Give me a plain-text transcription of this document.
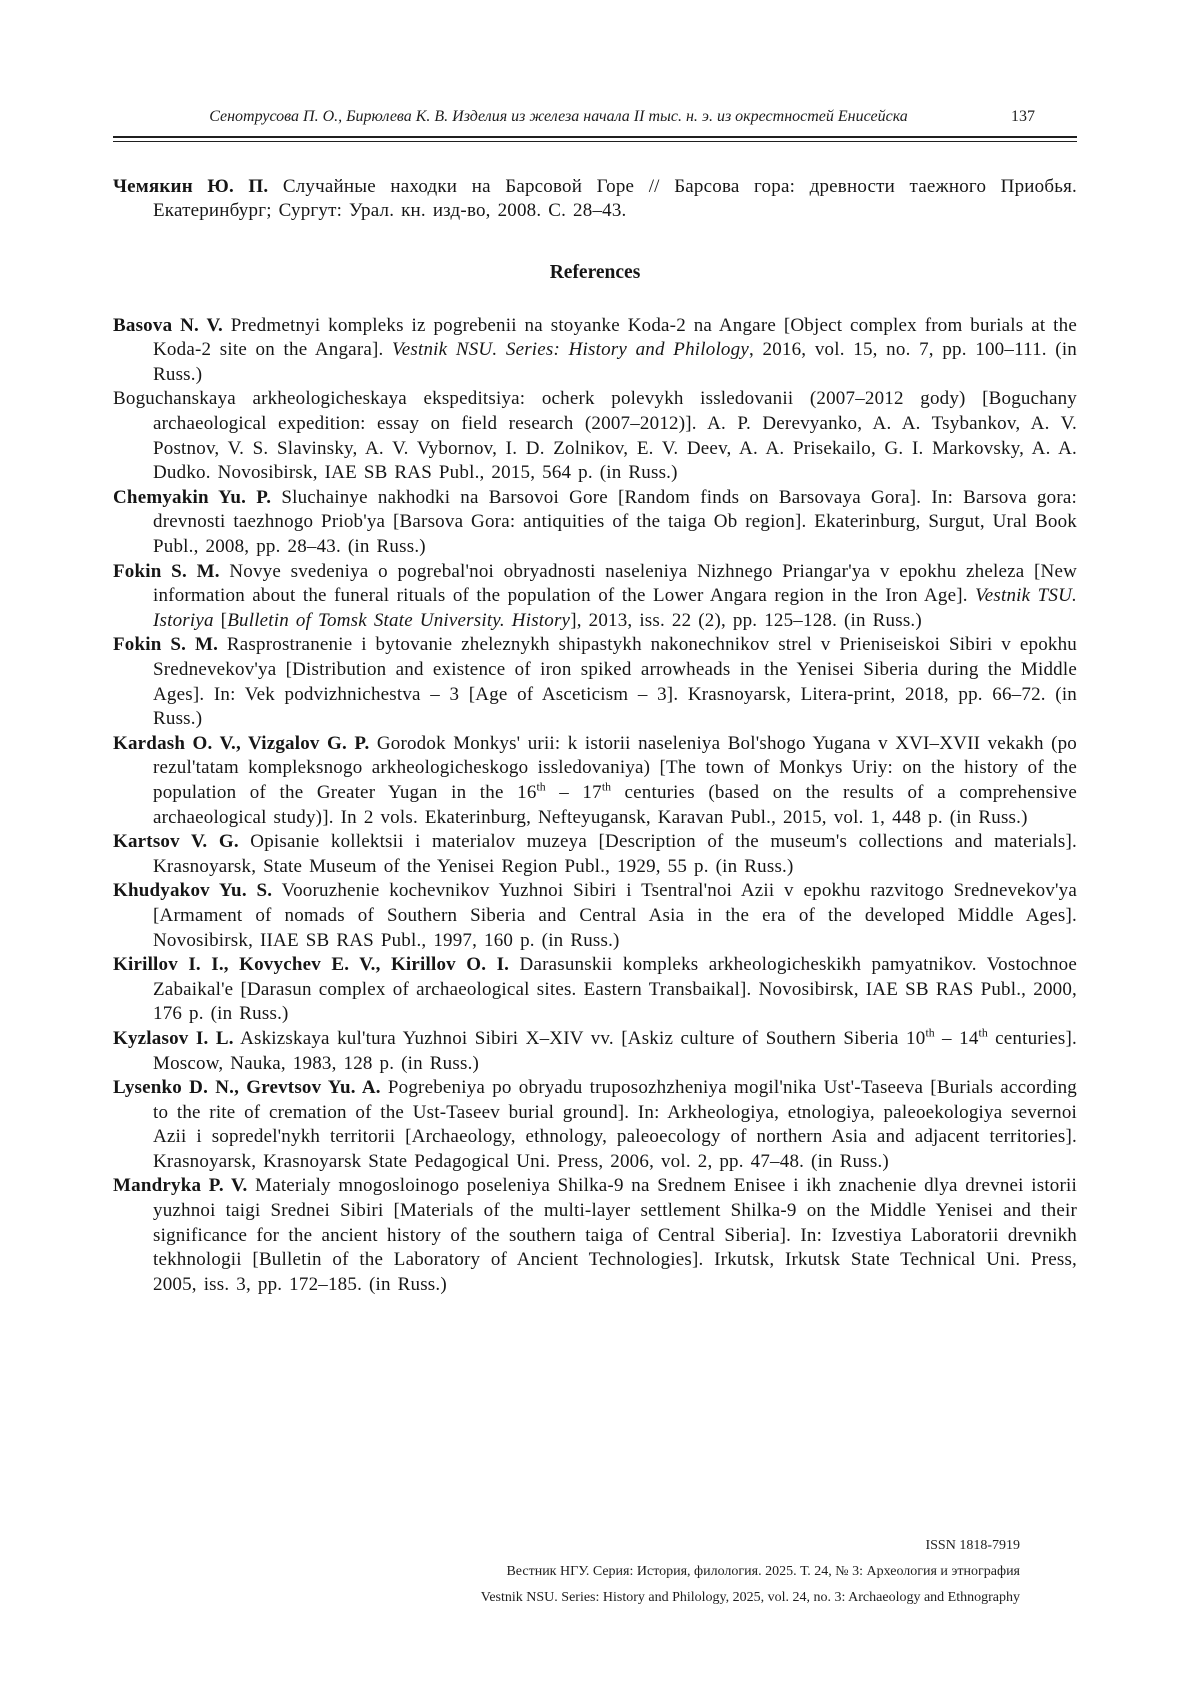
Сенотрусова П. О., Бирюлева К. В. Изделия из железа начала II тыс. н. э. из окрестностей Енисейска	137

Чемякин Ю. П. Случайные находки на Барсовой Горе // Барсова гора: древности таежного Приобья. Екатеринбург; Сургут: Урал. кн. изд-во, 2008. С. 28–43.

References

Basova N. V. Predmetnyi kompleks iz pogrebenii na stoyanke Koda-2 na Angare [Object complex from burials at the Koda-2 site on the Angara]. Vestnik NSU. Series: History and Philology, 2016, vol. 15, no. 7, pp. 100–111. (in Russ.)

Boguchanskaya arkheologicheskaya ekspeditsiya: ocherk polevykh issledovanii (2007–2012 gody) [Boguchany archaeological expedition: essay on field research (2007–2012)]. A. P. Derevyanko, A. A. Tsybankov, A. V. Postnov, V. S. Slavinsky, A. V. Vybornov, I. D. Zolnikov, E. V. Deev, A. A. Prisekailo, G. I. Markovsky, A. A. Dudko. Novosibirsk, IAE SB RAS Publ., 2015, 564 p. (in Russ.)

Chemyakin Yu. P. Sluchainye nakhodki na Barsovoi Gore [Random finds on Barsovaya Gora]. In: Barsova gora: drevnosti taezhnogo Priob'ya [Barsova Gora: antiquities of the taiga Ob region]. Ekaterinburg, Surgut, Ural Book Publ., 2008, pp. 28–43. (in Russ.)

Fokin S. M. Novye svedeniya o pogrebal'noi obryadnosti naseleniya Nizhnego Priangar'ya v epokhu zheleza [New information about the funeral rituals of the population of the Lower Angara region in the Iron Age]. Vestnik TSU. Istoriya [Bulletin of Tomsk State University. History], 2013, iss. 22 (2), pp. 125–128. (in Russ.)

Fokin S. M. Rasprostranenie i bytovanie zheleznykh shipastykh nakonechnikov strel v Prieniseiskoi Sibiri v epokhu Srednevekov'ya [Distribution and existence of iron spiked arrowheads in the Yenisei Siberia during the Middle Ages]. In: Vek podvizhnichestva – 3 [Age of Asceticism – 3]. Krasnoyarsk, Litera-print, 2018, pp. 66–72. (in Russ.)

Kardash O. V., Vizgalov G. P. Gorodok Monkys' urii: k istorii naseleniya Bol'shogo Yugana v XVI–XVII vekakh (po rezul'tatam kompleksnogo arkheologicheskogo issledovaniya) [The town of Monkys Uriy: on the history of the population of the Greater Yugan in the 16th – 17th centuries (based on the results of a comprehensive archaeological study)]. In 2 vols. Ekaterinburg, Nefteyugansk, Karavan Publ., 2015, vol. 1, 448 p. (in Russ.)

Kartsov V. G. Opisanie kollektsii i materialov muzeya [Description of the museum's collections and materials]. Krasnoyarsk, State Museum of the Yenisei Region Publ., 1929, 55 p. (in Russ.)

Khudyakov Yu. S. Vooruzhenie kochevnikov Yuzhnoi Sibiri i Tsentral'noi Azii v epokhu razvitogo Srednevekov'ya [Armament of nomads of Southern Siberia and Central Asia in the era of the developed Middle Ages]. Novosibirsk, IIAE SB RAS Publ., 1997, 160 p. (in Russ.)

Kirillov I. I., Kovychev E. V., Kirillov O. I. Darasunskii kompleks arkheologicheskikh pamyatnikov. Vostochnoe Zabaikal'e [Darasun complex of archaeological sites. Eastern Transbaikal]. Novosibirsk, IAE SB RAS Publ., 2000, 176 p. (in Russ.)

Kyzlasov I. L. Askizskaya kul'tura Yuzhnoi Sibiri X–XIV vv. [Askiz culture of Southern Siberia 10th – 14th centuries]. Moscow, Nauka, 1983, 128 p. (in Russ.)

Lysenko D. N., Grevtsov Yu. A. Pogrebeniya po obryadu truposozhzheniya mogil'nika Ust'-Taseeva [Burials according to the rite of cremation of the Ust-Taseev burial ground]. In: Arkheologiya, etnologiya, paleoekologiya severnoi Azii i sopredel'nykh territorii [Archaeology, ethnology, paleoecology of northern Asia and adjacent territories]. Krasnoyarsk, Krasnoyarsk State Pedagogical Uni. Press, 2006, vol. 2, pp. 47–48. (in Russ.)

Mandryka P. V. Materialy mnogosloinogo poseleniya Shilka-9 na Srednem Enisee i ikh znachenie dlya drevnei istorii yuzhnoi taigi Srednei Sibiri [Materials of the multi-layer settlement Shilka-9 on the Middle Yenisei and their significance for the ancient history of the southern taiga of Central Siberia]. In: Izvestiya Laboratorii drevnikh tekhnologii [Bulletin of the Laboratory of Ancient Technologies]. Irkutsk, Irkutsk State Technical Uni. Press, 2005, iss. 3, pp. 172–185. (in Russ.)

ISSN 1818-7919
Вестник НГУ. Серия: История, филология. 2025. Т. 24, № 3: Археология и этнография
Vestnik NSU. Series: History and Philology, 2025, vol. 24, no. 3: Archaeology and Ethnography
